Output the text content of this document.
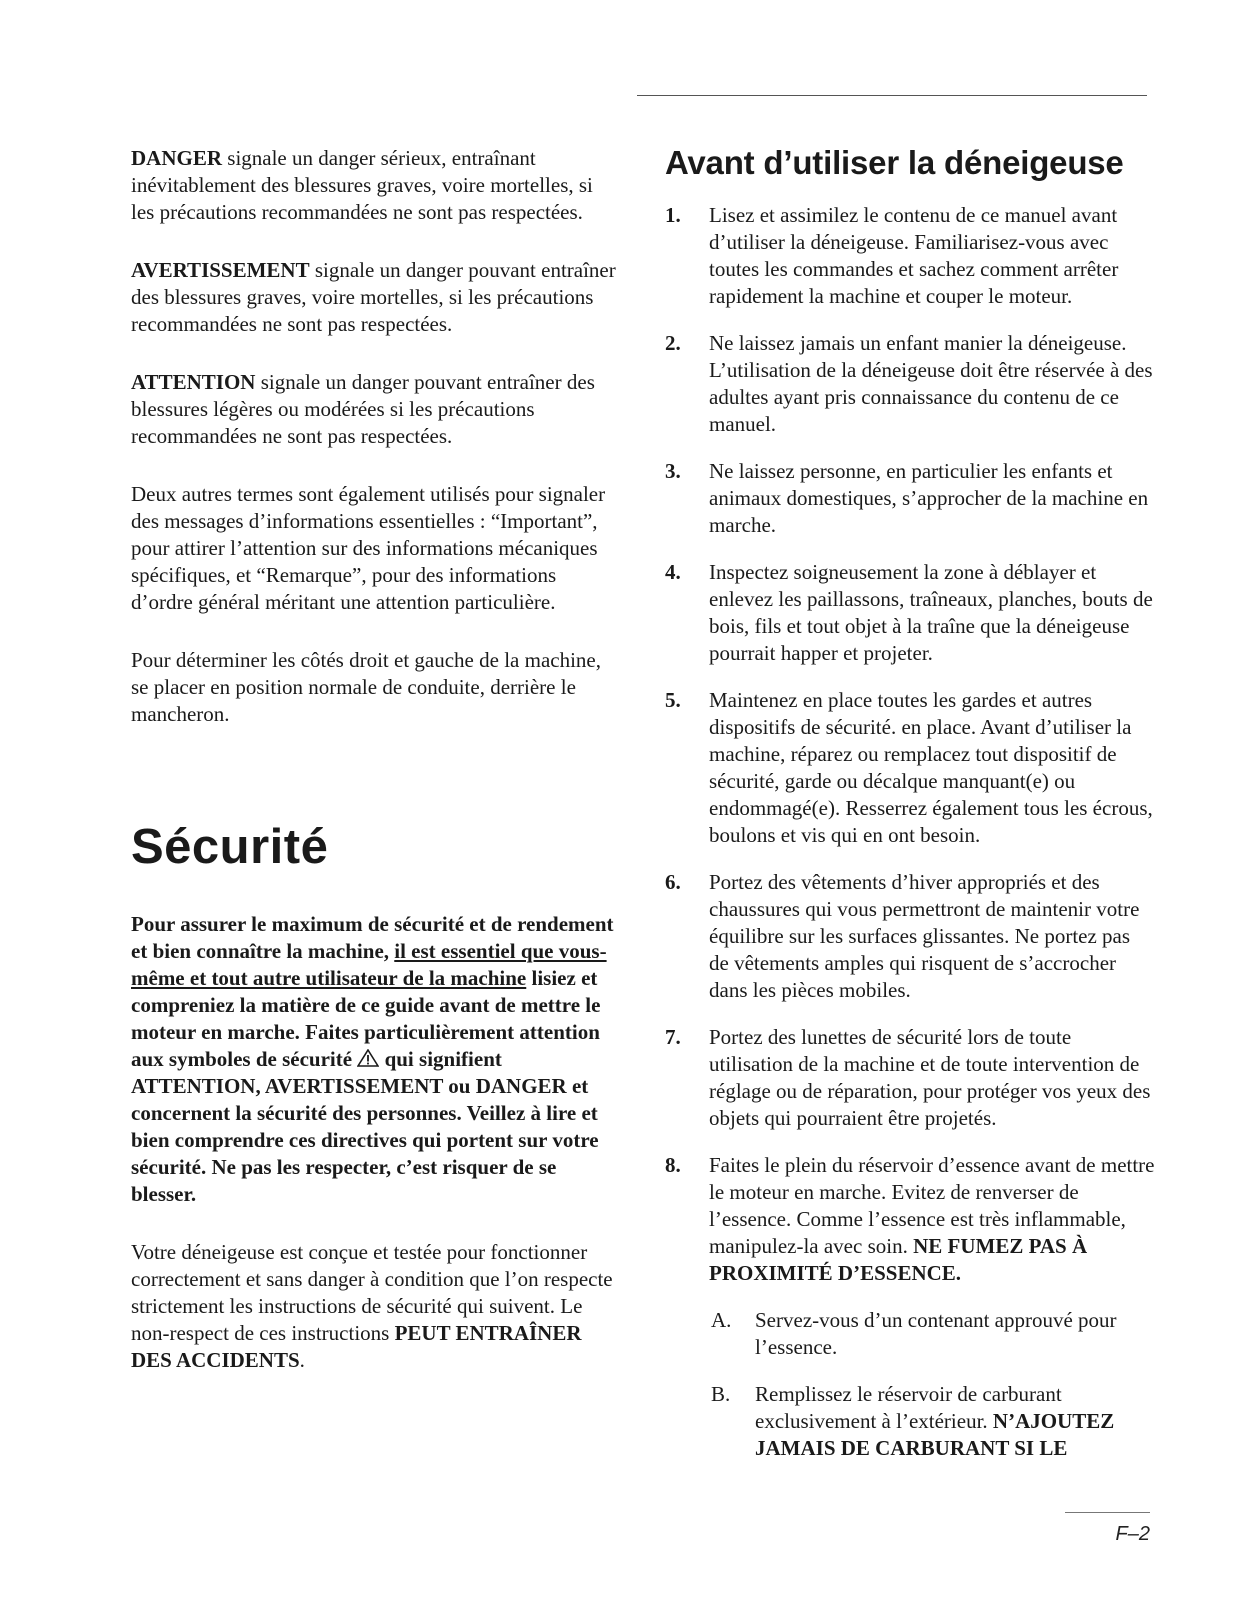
DANGER signale un danger sérieux, entraînant inévitablement des blessures graves, voire mortelles, si les précautions recommandées ne sont pas respectées.

AVERTISSEMENT signale un danger pouvant entraîner des blessures graves, voire mortelles, si les précautions recommandées ne sont pas respectées.

ATTENTION signale un danger pouvant entraîner des blessures légères ou modérées si les précautions recommandées ne sont pas respectées.

Deux autres termes sont également utilisés pour signaler des messages d’informations essentielles : “Important”, pour attirer l’attention sur des informations mécaniques spécifiques, et “Remarque”, pour des informations d’ordre général méritant une attention particulière.

Pour déterminer les côtés droit et gauche de la machine, se placer en position normale de conduite, derrière le mancheron.

Sécurité

Pour assurer le maximum de sécurité et de rendement et bien connaître la machine, il est essentiel que vous-même et tout autre utilisateur de la machine lisiez et compreniez la matière de ce guide avant de mettre le moteur en marche. Faites particulièrement attention aux symboles de sécurité  qui signifient ATTENTION, AVERTISSEMENT ou DANGER et concernent la sécurité des personnes. Veillez à lire et bien comprendre ces directives qui portent sur votre sécurité. Ne pas les respecter, c’est risquer de se blesser.

Votre déneigeuse est conçue et testée pour fonctionner correctement et sans danger à condition que l’on respecte strictement les instructions de sécurité qui suivent. Le non-respect de ces instructions PEUT ENTRAÎNER DES ACCIDENTS.

Avant d’utiliser la déneigeuse
1.	Lisez et assimilez le contenu de ce manuel avant d’utiliser la déneigeuse. Familiarisez-vous avec toutes les commandes et sachez comment arrêter rapidement la machine et couper le moteur.
2.	Ne laissez jamais un enfant manier la déneigeuse. L’utilisation de la déneigeuse doit être réservée à des adultes ayant pris connaissance du contenu de ce manuel.
3.	Ne laissez personne, en particulier les enfants et animaux domestiques, s’approcher de la machine en marche.
4.	Inspectez soigneusement la zone à déblayer et enlevez les paillassons, traîneaux, planches, bouts de bois, fils et tout objet à la traîne que la déneigeuse pourrait happer et projeter.
5.	Maintenez en place toutes les gardes et autres dispositifs de sécurité. en place. Avant d’utiliser la machine, réparez ou remplacez tout dispositif de sécurité, garde ou décalque manquant(e) ou endommagé(e). Resserrez également tous les écrous, boulons et vis qui en ont besoin.
6.	Portez des vêtements d’hiver appropriés et des chaussures qui vous permettront de maintenir votre équilibre sur les surfaces glissantes. Ne portez pas de vêtements amples qui risquent de s’accrocher dans les pièces mobiles.
7.	Portez des lunettes de sécurité lors de toute utilisation de la machine et de toute intervention de réglage ou de réparation, pour protéger vos yeux des objets qui pourraient être projetés.
8.	Faites le plein du réservoir d’essence avant de mettre le moteur en marche. Evitez de renverser de l’essence. Comme l’essence est très inflammable, manipulez-la avec soin. NE FUMEZ PAS À PROXIMITÉ D’ESSENCE.
A. Servez-vous d’un contenant approuvé pour l’essence.
B. Remplissez le réservoir de carburant exclusivement à l’extérieur. N’AJOUTEZ JAMAIS DE CARBURANT SI LE
F–2
